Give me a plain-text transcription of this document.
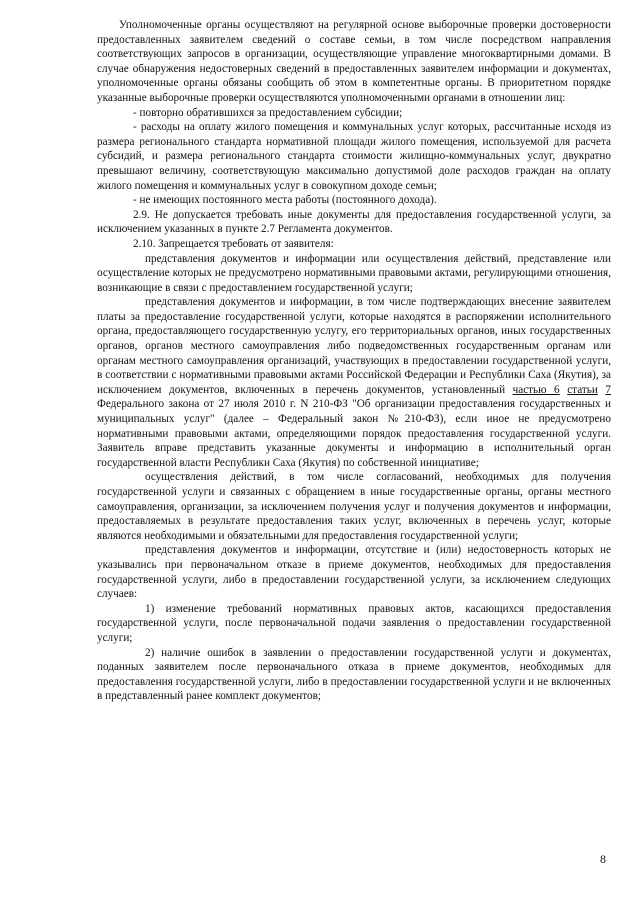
Уполномоченные органы осуществляют на регулярной основе выборочные проверки достоверности предоставленных заявителем сведений о составе семьи, в том числе посредством направления соответствующих запросов в организации, осуществляющие управление многоквартирными домами. В случае обнаружения недостоверных сведений в предоставленных заявителем информации и документах, уполномоченные органы обязаны сообщить об этом в компетентные органы. В приоритетном порядке указанные выборочные проверки осуществляются уполномоченными органами в отношении лиц:

- повторно обратившихся за предоставлением субсидии;

- расходы на оплату жилого помещения и коммунальных услуг которых, рассчитанные исходя из размера регионального стандарта нормативной площади жилого помещения, используемой для расчета субсидий, и размера регионального стандарта стоимости жилищно-коммунальных услуг, двукратно превышают величину, соответствующую максимально допустимой доле расходов граждан на оплату жилого помещения и коммунальных услуг в совокупном доходе семьи;

- не имеющих постоянного места работы (постоянного дохода).

2.9. Не допускается требовать иные документы для предоставления государственной услуги, за исключением указанных в пункте 2.7 Регламента документов.

2.10. Запрещается требовать от заявителя:

представления документов и информации или осуществления действий, представление или осуществление которых не предусмотрено нормативными правовыми актами, регулирующими отношения, возникающие в связи с предоставлением государственной услуги;

представления документов и информации, в том числе подтверждающих внесение заявителем платы за предоставление государственной услуги, которые находятся в распоряжении исполнительного органа, предоставляющего государственную услугу, его территориальных органов, иных государственных органов, органов местного самоуправления либо подведомственных государственным органам или органам местного самоуправления организаций, участвующих в предоставлении государственной услуги, в соответствии с нормативными правовыми актами Российской Федерации и Республики Саха (Якутия), за исключением документов, включенных в перечень документов, установленный частью 6 статьи 7 Федерального закона от 27 июля 2010 г. N 210-ФЗ "Об организации предоставления государственных и муниципальных услуг" (далее – Федеральный закон №210-ФЗ), если иное не предусмотрено нормативными правовыми актами, определяющими порядок предоставления государственной услуги. Заявитель вправе представить указанные документы и информацию в исполнительный орган государственной власти Республики Саха (Якутия) по собственной инициативе;

осуществления действий, в том числе согласований, необходимых для получения государственной услуги и связанных с обращением в иные государственные органы, органы местного самоуправления, организации, за исключением получения услуг и получения документов и информации, предоставляемых в результате предоставления таких услуг, включенных в перечень услуг, которые являются необходимыми и обязательными для предоставления государственной услуги;

представления документов и информации, отсутствие и (или) недостоверность которых не указывались при первоначальном отказе в приеме документов, необходимых для предоставления государственной услуги, либо в предоставлении государственной услуги, за исключением следующих случаев:

1) изменение требований нормативных правовых актов, касающихся предоставления государственной услуги, после первоначальной подачи заявления о предоставлении государственной услуги;

2) наличие ошибок в заявлении о предоставлении государственной услуги и документах, поданных заявителем после первоначального отказа в приеме документов, необходимых для предоставления государственной услуги, либо в предоставлении государственной услуги и не включенных в представленный ранее комплект документов;

8
